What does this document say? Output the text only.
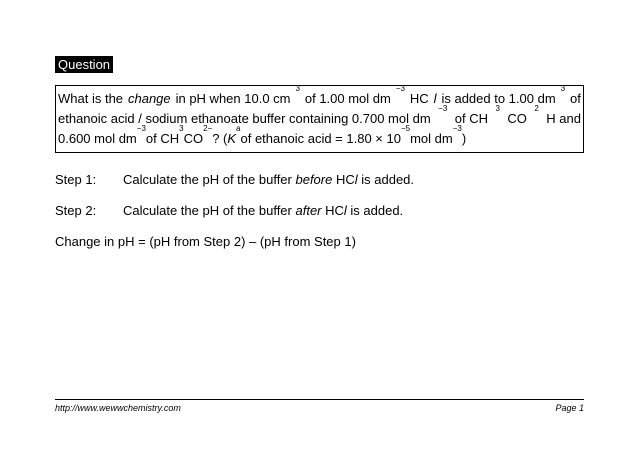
Question
What is the change in pH when 10.0 cm
3
of 1.00 mol dm
−3
HC l is added to 1.00 dm
3
of
ethanoic acid / sodium ethanoate buffer containing 0.700 mol dm
−3
of CH
3
CO
2
H and
0.600 mol dm
−3
of CH
3
CO
2 −
? ( K
a
of ethanoic acid = 1.80 × 10
−5
mol dm
−3
)
Step 1: Calculate the pH of the buffer before HCl is added.
Step 2: Calculate the pH of the buffer after HCl is added.
Change in pH = (pH from Step 2) – (pH from Step 1)
http://www.wewwchemistry.com	Page 1
